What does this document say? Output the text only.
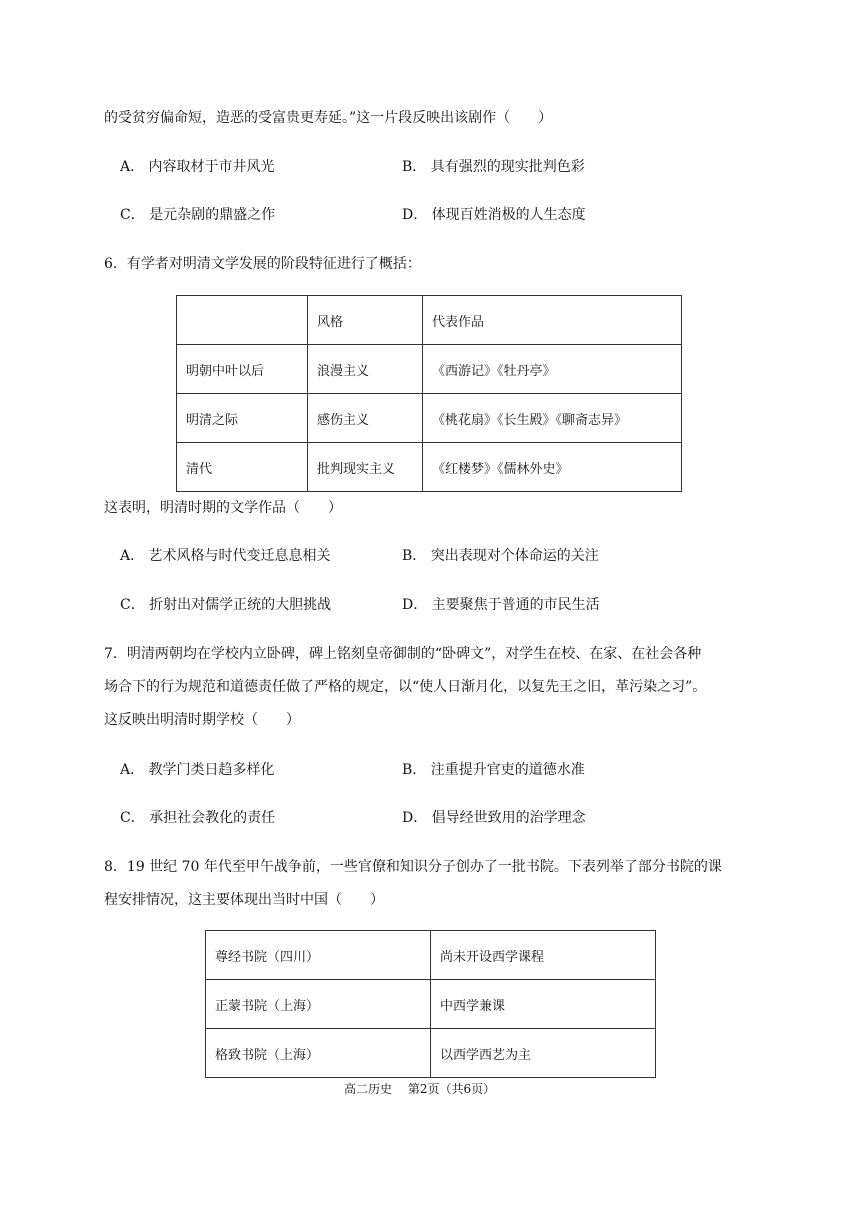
的受贫穷偏命短，造恶的受富贵更寿延。”这一片段反映出该剧作（　　）
A． 内容取材于市井风光	B． 具有强烈的现实批判色彩
C． 是元杂剧的鼎盛之作	D． 体现百姓消极的人生态度
6．有学者对明清文学发展的阶段特征进行了概括：
	风格	代表作品
明朝中叶以后	浪漫主义	《西游记》《牡丹亭》
明清之际	感伤主义	《桃花扇》《长生殿》《聊斋志异》
清代	批判现实主义	《红楼梦》《儒林外史》
这表明，明清时期的文学作品（　　）
A． 艺术风格与时代变迁息息相关	B． 突出表现对个体命运的关注
C． 折射出对儒学正统的大胆挑战	D． 主要聚焦于普通的市民生活
7．明清两朝均在学校内立卧碑，碑上铭刻皇帝御制的“卧碑文”，对学生在校、在家、在社会各种
场合下的行为规范和道德责任做了严格的规定，以“使人日渐月化，以复先王之旧，革污染之习”。
这反映出明清时期学校（　　）
A． 教学门类日趋多样化	B． 注重提升官吏的道德水准
C． 承担社会教化的责任	D． 倡导经世致用的治学理念
8．19 世纪 70 年代至甲午战争前，一些官僚和知识分子创办了一批书院。下表列举了部分书院的课
程安排情况，这主要体现出当时中国（　　）
尊经书院（四川）	尚未开设西学课程
正蒙书院（上海）	中西学兼课
格致书院（上海）	以西学西艺为主
高二历史　 第2页（共6页）
